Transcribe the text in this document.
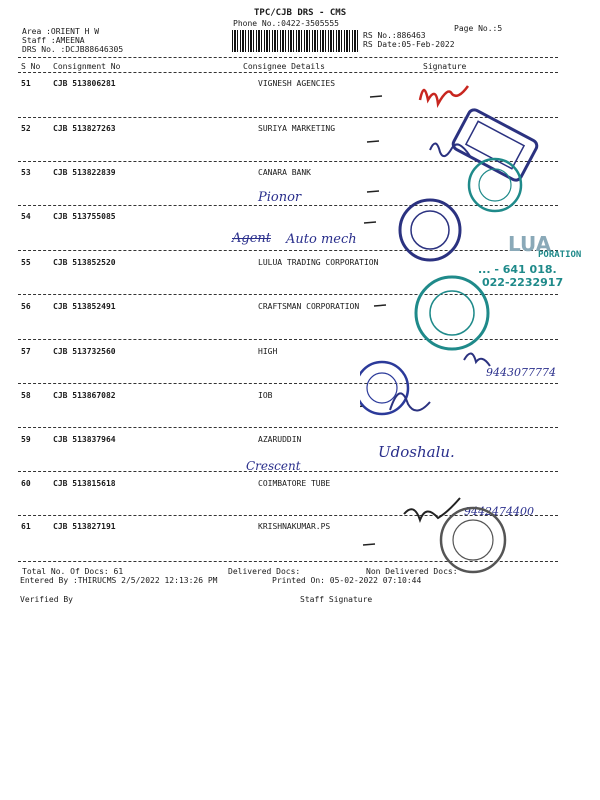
TPC/CJB DRS - CMS
Phone No.:0422-3505555
Page No.:5
Area :ORIENT H W
Staff :AMEENA
DRS No. :DCJB88646305
RS No.:886463
RS Date:05-Feb-2022
S No Consignment No	Consignee Details	Signature
51	CJB 513806281	VIGNESH AGENCIES
52	CJB 513827263	SURIYA MARKETING
53	CJB 513822839	CANARA BANK
54	CJB 513755085
55	CJB 513852520	LULUA TRADING CORPORATION
56	CJB 513852491	CRAFTSMAN CORPORATION
57	CJB 513732560	HIGH
58	CJB 513867082	IOB
59	CJB 513837964	AZARUDDIN
60	CJB 513815618	COIMBATORE TUBE
61	CJB 513827191	KRISHNAKUMAR.PS
Pionor
Agent Auto mech
9443077774
Udoshalu.
Crescent
9442474400
LUA
PORATION
... - 641 018.
022-2232917
Total No. Of Docs: 61	Delivered Docs:	Non Delivered Docs:
Entered By :THIRUCMS 2/5/2022 12:13:26 PM	Printed On: 05-02-2022 07:10:44
Verified By	Staff Signature
